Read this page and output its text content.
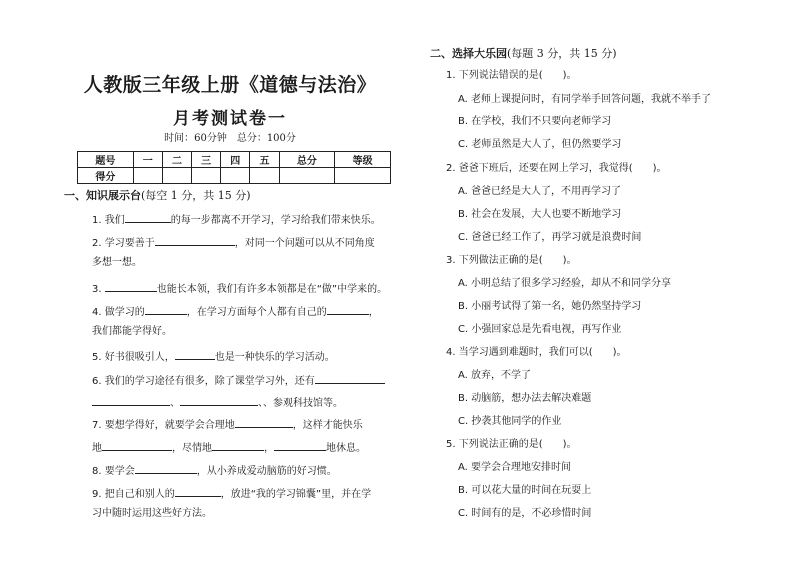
人教版三年级上册《道德与法治》
月考测试卷一
时间：60分钟　总分：100分
题号	一	二	三	四	五	总分	等级
得分							
一、知识展示台(每空 1 分，共 15 分)
1. 我们	的每一步都离不开学习，学习给我们带来快乐。
2. 学习要善于	，对同一个问题可以从不同角度
多想一想。
3.	也能长本领，我们有许多本领都是在“做”中学来的。
4. 做学习的	，在学习方面每个人都有自己的	，
我们都能学得好。
5. 好书很吸引人，	也是一种快乐的学习活动。
6. 我们的学习途径有很多，除了课堂学习外，还有
、	、、参观科技馆等。
7. 要想学得好，就要学会合理地	，这样才能快乐
地	，尽情地	，	地休息。
8. 要学会	，从小养成爱动脑筋的好习惯。
9. 把自己和别人的	，放进“我的学习锦囊”里，并在学
习中随时运用这些好方法。
二、选择大乐园(每题 3 分，共 15 分)
1. 下列说法错误的是(　　)。
A. 老师上课提问时，有同学举手回答问题，我就不举手了
B. 在学校，我们不只要向老师学习
C. 老师虽然是大人了，但仍然要学习
2. 爸爸下班后，还要在网上学习，我觉得(　　)。
A. 爸爸已经是大人了，不用再学习了
B. 社会在发展，大人也要不断地学习
C. 爸爸已经工作了，再学习就是浪费时间
3. 下列做法正确的是(　　)。
A. 小明总结了很多学习经验，却从不和同学分享
B. 小丽考试得了第一名，她仍然坚持学习
C. 小强回家总是先看电视，再写作业
4. 当学习遇到难题时，我们可以(　　)。
A. 放弃，不学了
B. 动脑筋，想办法去解决难题
C. 抄袭其他同学的作业
5. 下列说法正确的是(　　)。
A. 要学会合理地安排时间
B. 可以花大量的时间在玩耍上
C. 时间有的是，不必珍惜时间
